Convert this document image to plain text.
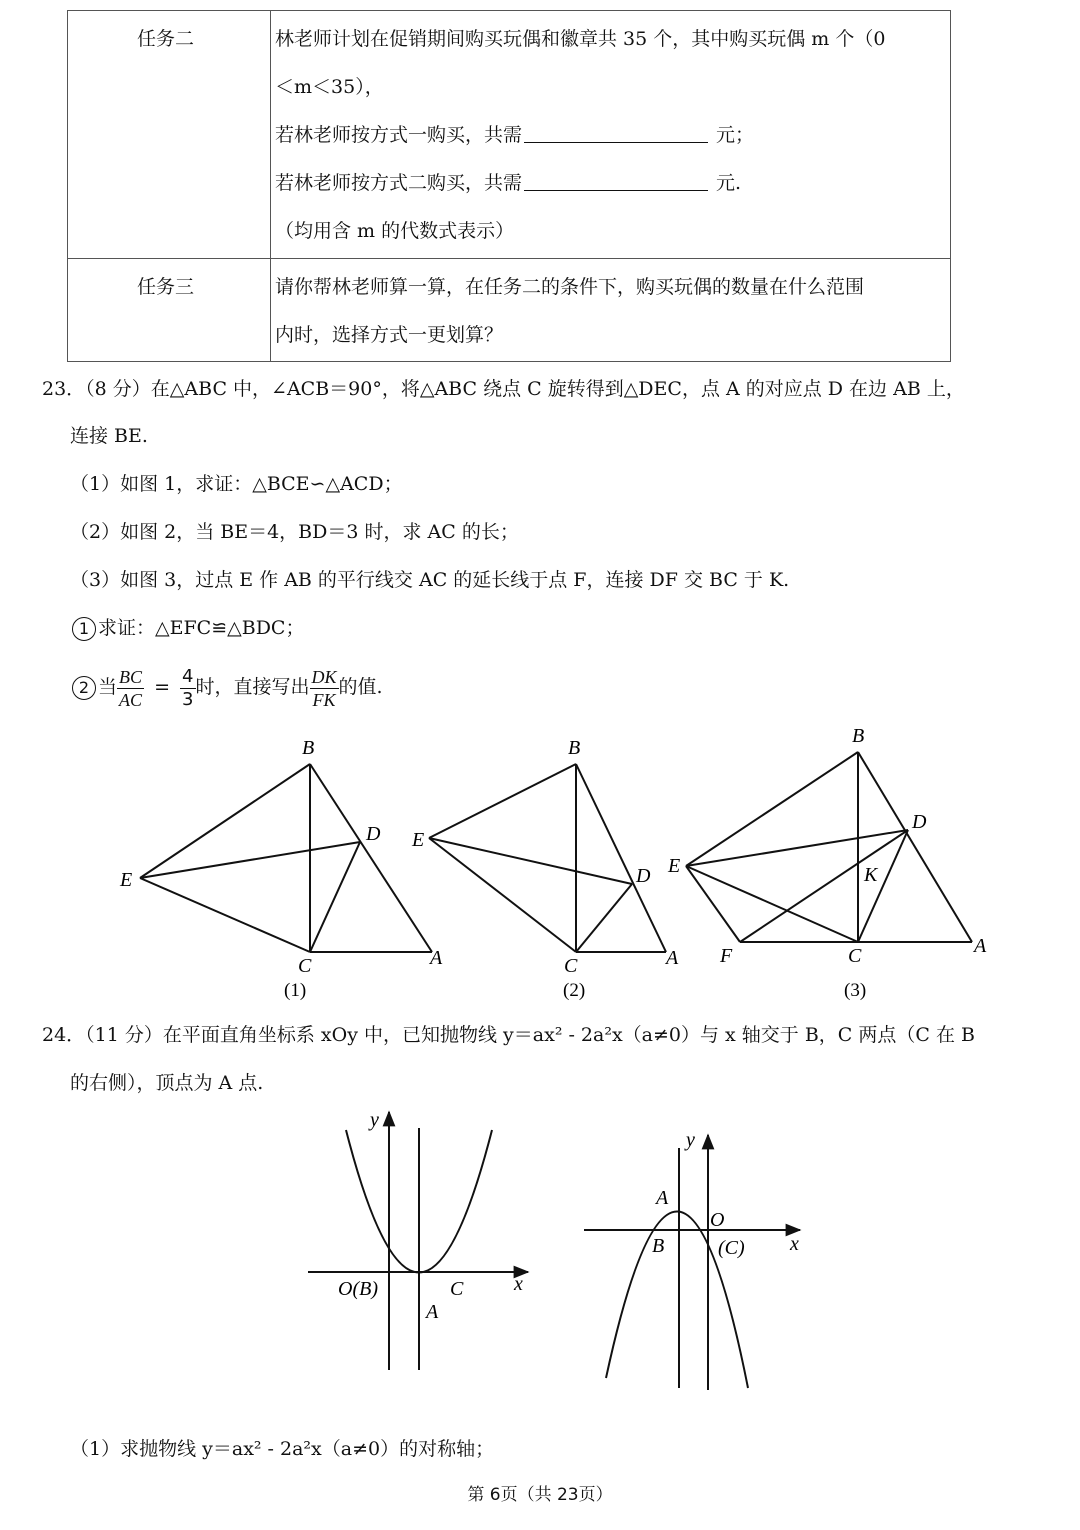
任务二	林老师计划在促销期间购买玩偶和徽章共 35 个，其中购买玩偶 m 个（0
＜m＜35），
若林老师按方式一购买，共需	元；
若林老师按方式二购买，共需	元.
（均用含 m 的代数式表示）
任务三	请你帮林老师算一算，在任务二的条件下，购买玩偶的数量在什么范围
内时，选择方式一更划算？
23．（8 分）在△ABC 中，∠ACB＝90°，将△ABC 绕点 C 旋转得到△DEC，点 A 的对应点 D 在边 AB 上，
连接 BE.
（1）如图 1，求证：△BCE∽△ACD；
（2）如图 2，当 BE＝4，BD＝3 时，求 AC 的长；
（3）如图 3，过点 E 作 AB 的平行线交 AC 的延长线于点 F，连接 DF 交 BC 于 K.
1 求证：△EFC≌△BDC；
2 当 $\frac{BC}{AC} = \frac{4}{3}$ 时，直接写出 $\frac{DK}{FK}$ 的值.
B
D
E
C	A
(1)
B
E
D
C	A
(2)
B
D
E	K
F	C	A
(3)
24．（11 分）在平面直角坐标系 xOy 中，已知抛物线 y＝ax² - 2a²x（a≠0）与 x 轴交于 B，C 两点（C 在 B
的右侧），顶点为 A 点.
y
x
O(B)	C
A
y
x
A
O
B	(C)
（1）求抛物线 y＝ax² - 2a²x（a≠0）的对称轴；
第 6页（共 23页）
